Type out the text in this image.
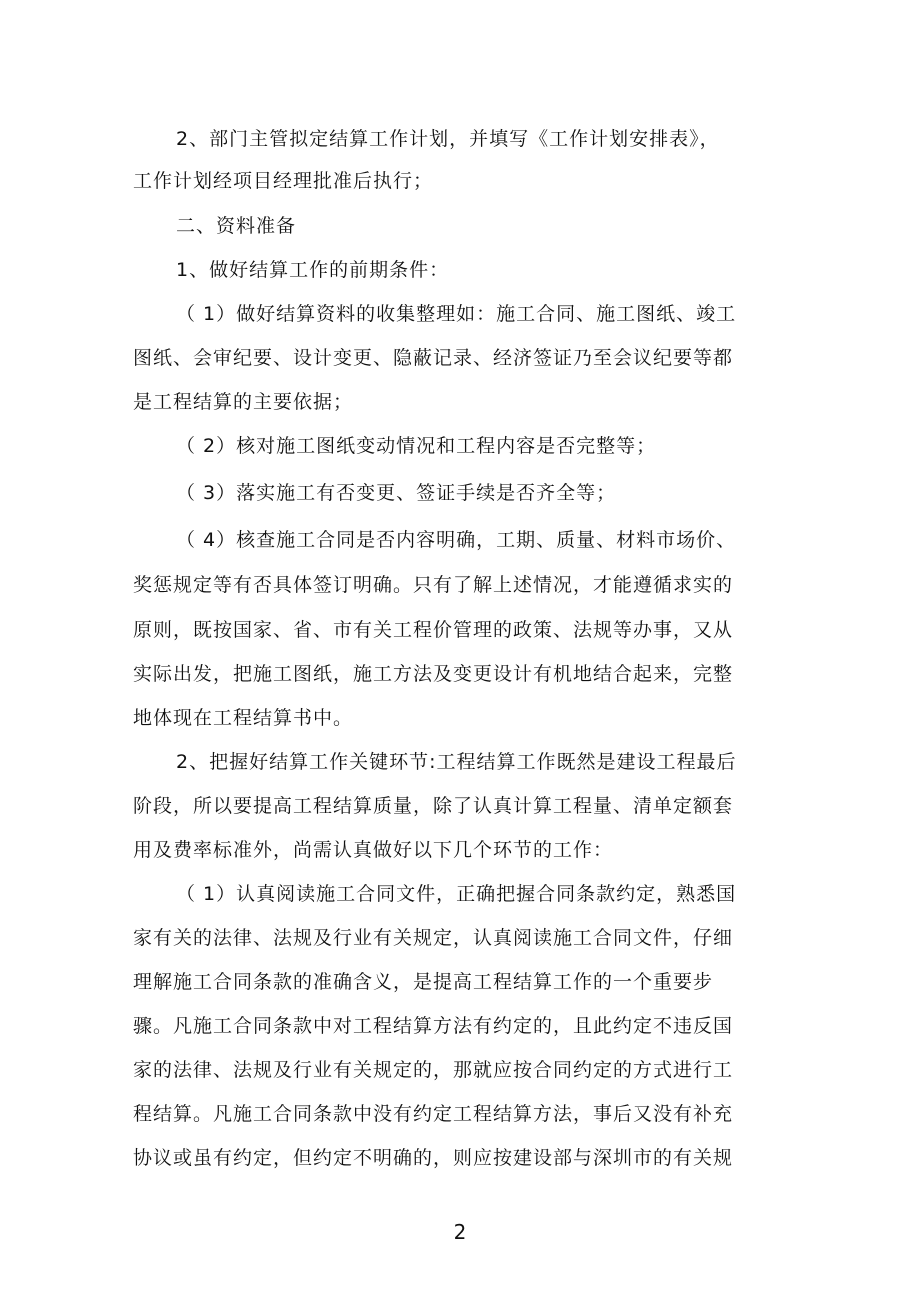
2、部门主管拟定结算工作计划，并填写《工作计划安排表》，
工作计划经项目经理批准后执行；
二、资料准备
1、做好结算工作的前期条件：
（ 1）做好结算资料的收集整理如：施工合同、施工图纸、竣工
图纸、会审纪要、设计变更、隐蔽记录、经济签证乃至会议纪要等都
是工程结算的主要依据；
（ 2）核对施工图纸变动情况和工程内容是否完整等；
（ 3）落实施工有否变更、签证手续是否齐全等；
（ 4）核查施工合同是否内容明确，工期、质量、材料市场价、
奖惩规定等有否具体签订明确。只有了解上述情况，才能遵循求实的
原则，既按国家、省、市有关工程价管理的政策、法规等办事，又从
实际出发，把施工图纸，施工方法及变更设计有机地结合起来，完整
地体现在工程结算书中。
2、把握好结算工作关键环节:工程结算工作既然是建设工程最后
阶段，所以要提高工程结算质量，除了认真计算工程量、清单定额套
用及费率标准外，尚需认真做好以下几个环节的工作：
（ 1）认真阅读施工合同文件，正确把握合同条款约定，熟悉国
家有关的法律、法规及行业有关规定，认真阅读施工合同文件，仔细
理解施工合同条款的准确含义，是提高工程结算工作的一个重要步
骤。凡施工合同条款中对工程结算方法有约定的，且此约定不违反国
家的法律、法规及行业有关规定的，那就应按合同约定的方式进行工
程结算。凡施工合同条款中没有约定工程结算方法，事后又没有补充
协议或虽有约定，但约定不明确的，则应按建设部与深圳市的有关规
2
